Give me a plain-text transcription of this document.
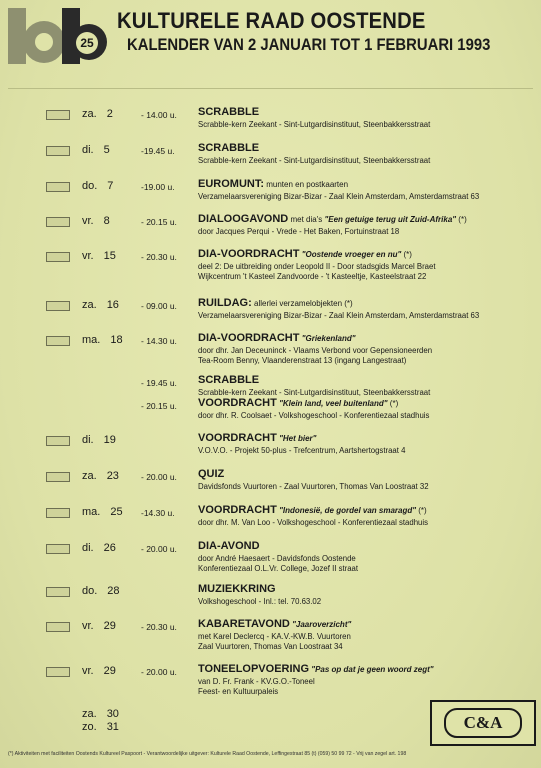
25
KULTURELE RAAD OOSTENDE
KALENDER VAN 2 JANUARI TOT 1 FEBRUARI 1993
za. 2	- 14.00 u. SCRABBLE
Scrabble-kern Zeekant - Sint-Lutgardisinstituut, Steenbakkersstraat
di. 5	-19.45 u. SCRABBLE
Scrabble-kern Zeekant - Sint-Lutgardisinstituut, Steenbakkersstraat
do. 7	-19.00 u. EUROMUNT: munten en postkaarten
Verzamelaarsvereniging Bizar-Bizar - Zaal Klein Amsterdam, Amsterdamstraat 63
vr. 8	- 20.15 u. DIALOOGAVOND met dia's "Een getuige terug uit Zuid-Afrika" (*)
door Jacques Perqui - Vrede - Het Baken, Fortuinstraat 18
vr. 15	- 20.30 u. DIA-VOORDRACHT "Oostende vroeger en nu" (*)
deel 2: De uitbreiding onder Leopold II - Door stadsgids Marcel Braet
Wijkcentrum 't Kasteel Zandvoorde - 't Kasteeltje, Kasteelstraat 22
za. 16	- 09.00 u. RUILDAG: allerlei verzamelobjekten (*)
Verzamelaarsvereniging Bizar-Bizar - Zaal Klein Amsterdam, Amsterdamstraat 63
ma. 18 - 14.30 u. DIA-VOORDRACHT "Griekenland"
door dhr. Jan Deceuninck - Vlaams Verbond voor Gepensioneerden
Tea-Room Benny, Vlaanderenstraat 13 (ingang Langestraat)
- 19.45 u. SCRABBLE
Scrabble-kern Zeekant - Sint-Lutgardisinstituut, Steenbakkersstraat
- 20.15 u. VOORDRACHT "Klein land, veel buitenland" (*)
door dhr. R. Coolsaet - Volkshogeschool - Konferentiezaal stadhuis
di. 19	VOORDRACHT "Het bier"
V.O.V.O. - Projekt 50-plus - Trefcentrum, Aartshertogstraat 4
za. 23	- 20.00 u. QUIZ
Davidsfonds Vuurtoren - Zaal Vuurtoren, Thomas Van Loostraat 32
ma. 25 -14.30 u. VOORDRACHT "Indonesië, de gordel van smaragd" (*)
door dhr. M. Van Loo - Volkshogeschool - Konferentiezaal stadhuis
di. 26	- 20.00 u. DIA-AVOND
door André Haesaert - Davidsfonds Oostende
Konferentiezaal O.L.Vr. College, Jozef II straat
do. 28	MUZIEKKRING
Volkshogeschool - Inl.: tel. 70.63.02
vr. 29	- 20.30 u. KABARETAVOND "Jaaroverzicht"
met Karel Declercq - KA.V.-KW.B. Vuurtoren
Zaal Vuurtoren, Thomas Van Loostraat 34
vr. 29	- 20.00 u. TONEELOPVOERING "Pas op dat je geen woord zegt"
van D. Fr. Frank - KV.G.O.-Toneel
Feest- en Kultuurpaleis
za. 30
zo. 31	C&A
(*) Aktiviteiten met faciliteiten Oostends Kultureel Paspoort - Verantwoordelijke uitgever: Kulturele Raad Oostende, Leffingestraat 85 (t) (059) 50 99 72 - Vrij van zegel art. 198
